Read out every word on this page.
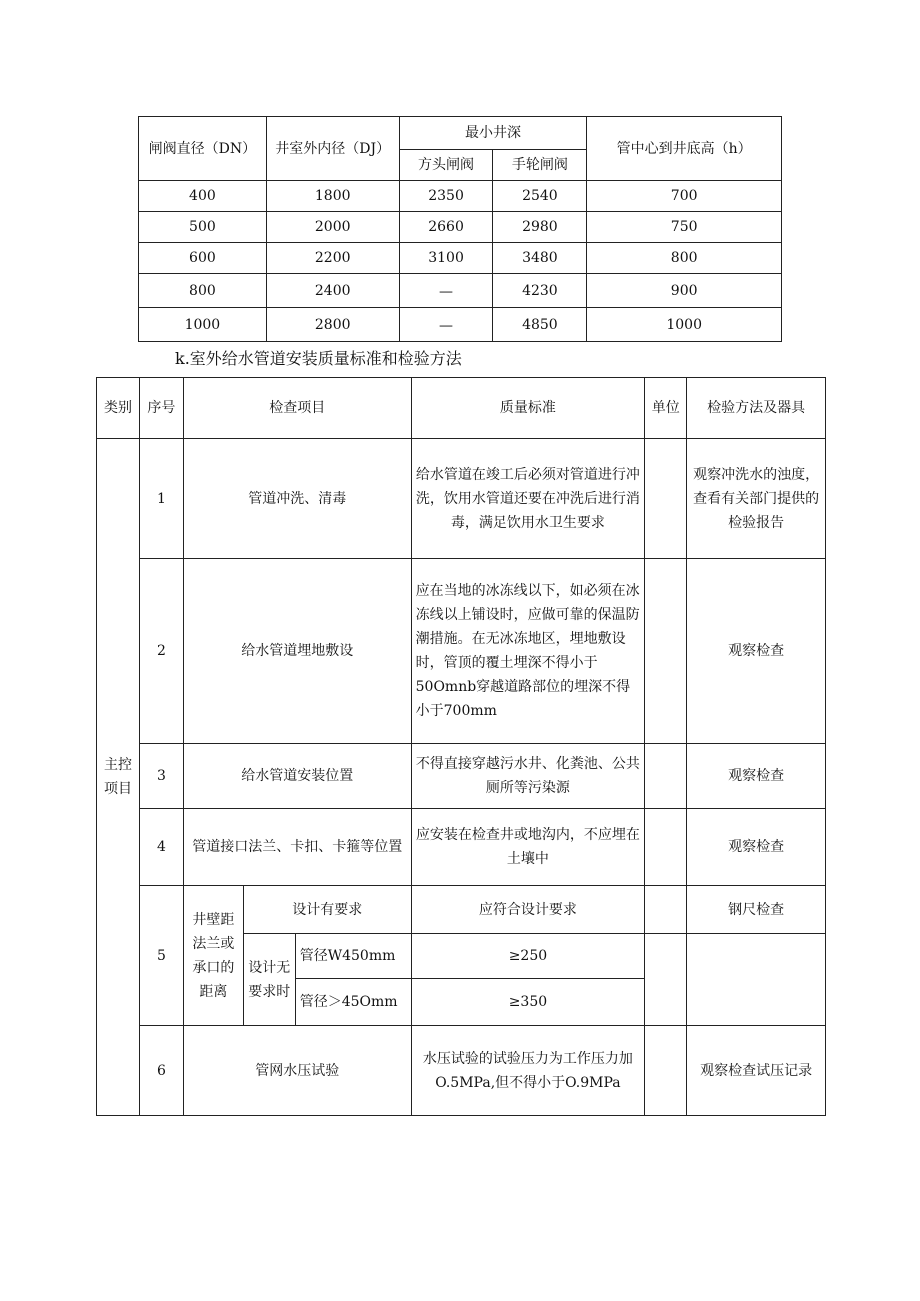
闸阀直径（DN）	井室外内径（DJ）	最小井深		管中心到井底高（h）
		方头闸阀	手轮闸阀	
400	1800	2350	2540	700
500	2000	2660	2980	750
600	2200	3100	3480	800
800	2400	—	4230	900
1000	2800	—	4850	1000
k.室外给水管道安装质量标准和检验方法
类别	序号	检查项目			质量标准	单位	检验方法及器具
主控项目	1	管道冲洗、清毒			给水管道在竣工后必须对管道进行冲洗，饮用水管道还要在冲洗后进行消毒，满足饮用水卫生要求		观察冲洗水的浊度，查看有关部门提供的检验报告
	2	给水管道埋地敷设			应在当地的冰冻线以下，如必须在冰冻线以上铺设时，应做可靠的保温防潮措施。在无冰冻地区，埋地敷设时，管顶的覆土埋深不得小于50Omnb穿越道路部位的埋深不得小于700mm		观察检查
	3	给水管道安装位置			不得直接穿越污水井、化粪池、公共厕所等污染源		观察检查
	4	管道接口法兰、卡扣、卡箍等位置			应安装在检查井或地沟内，不应埋在土壤中		观察检查
	5	井壁距法兰或承口的距离	设计有要求		应符合设计要求		钢尺检查
			设计无要求时	管径W450mm	≥250		
				管径＞45Omm	≥350		
	6	管网水压试验			水压试验的试验压力为工作压力加O.5MPa,但不得小于O.9MPa		观察检查试压记录
